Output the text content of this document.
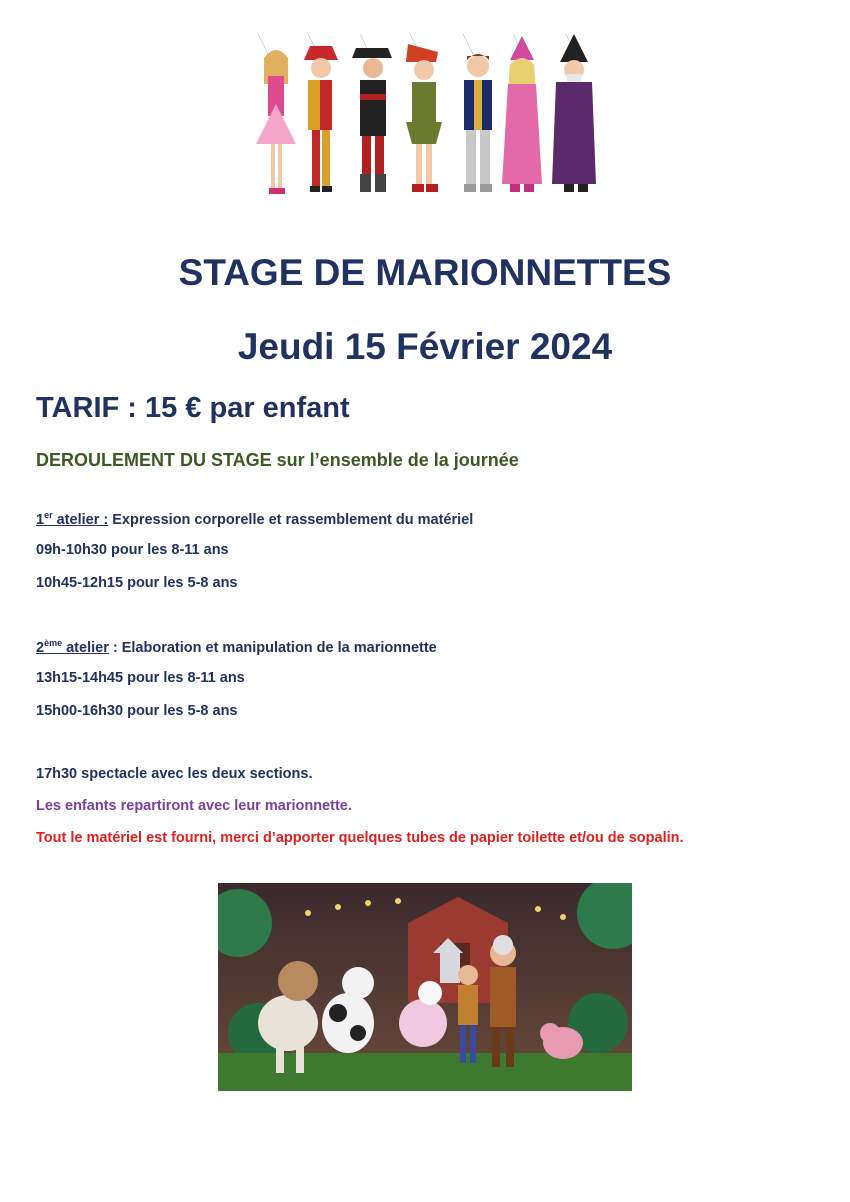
STAGE DE MARIONNETTES
Jeudi 15 Février 2024

TARIF : 15 € par enfant

DEROULEMENT DU STAGE sur l’ensemble de la journée

1er atelier : Expression corporelle et rassemblement du matériel

09h-10h30 pour les 8-11 ans

10h45-12h15 pour les 5-8 ans

2ème atelier : Elaboration et manipulation de la marionnette

13h15-14h45 pour les 8-11 ans

15h00-16h30 pour les 5-8 ans

17h30 spectacle avec les deux sections.

Les enfants repartiront avec leur marionnette.

Tout le matériel est fourni, merci d’apporter quelques tubes de papier toilette et/ou de sopalin.
